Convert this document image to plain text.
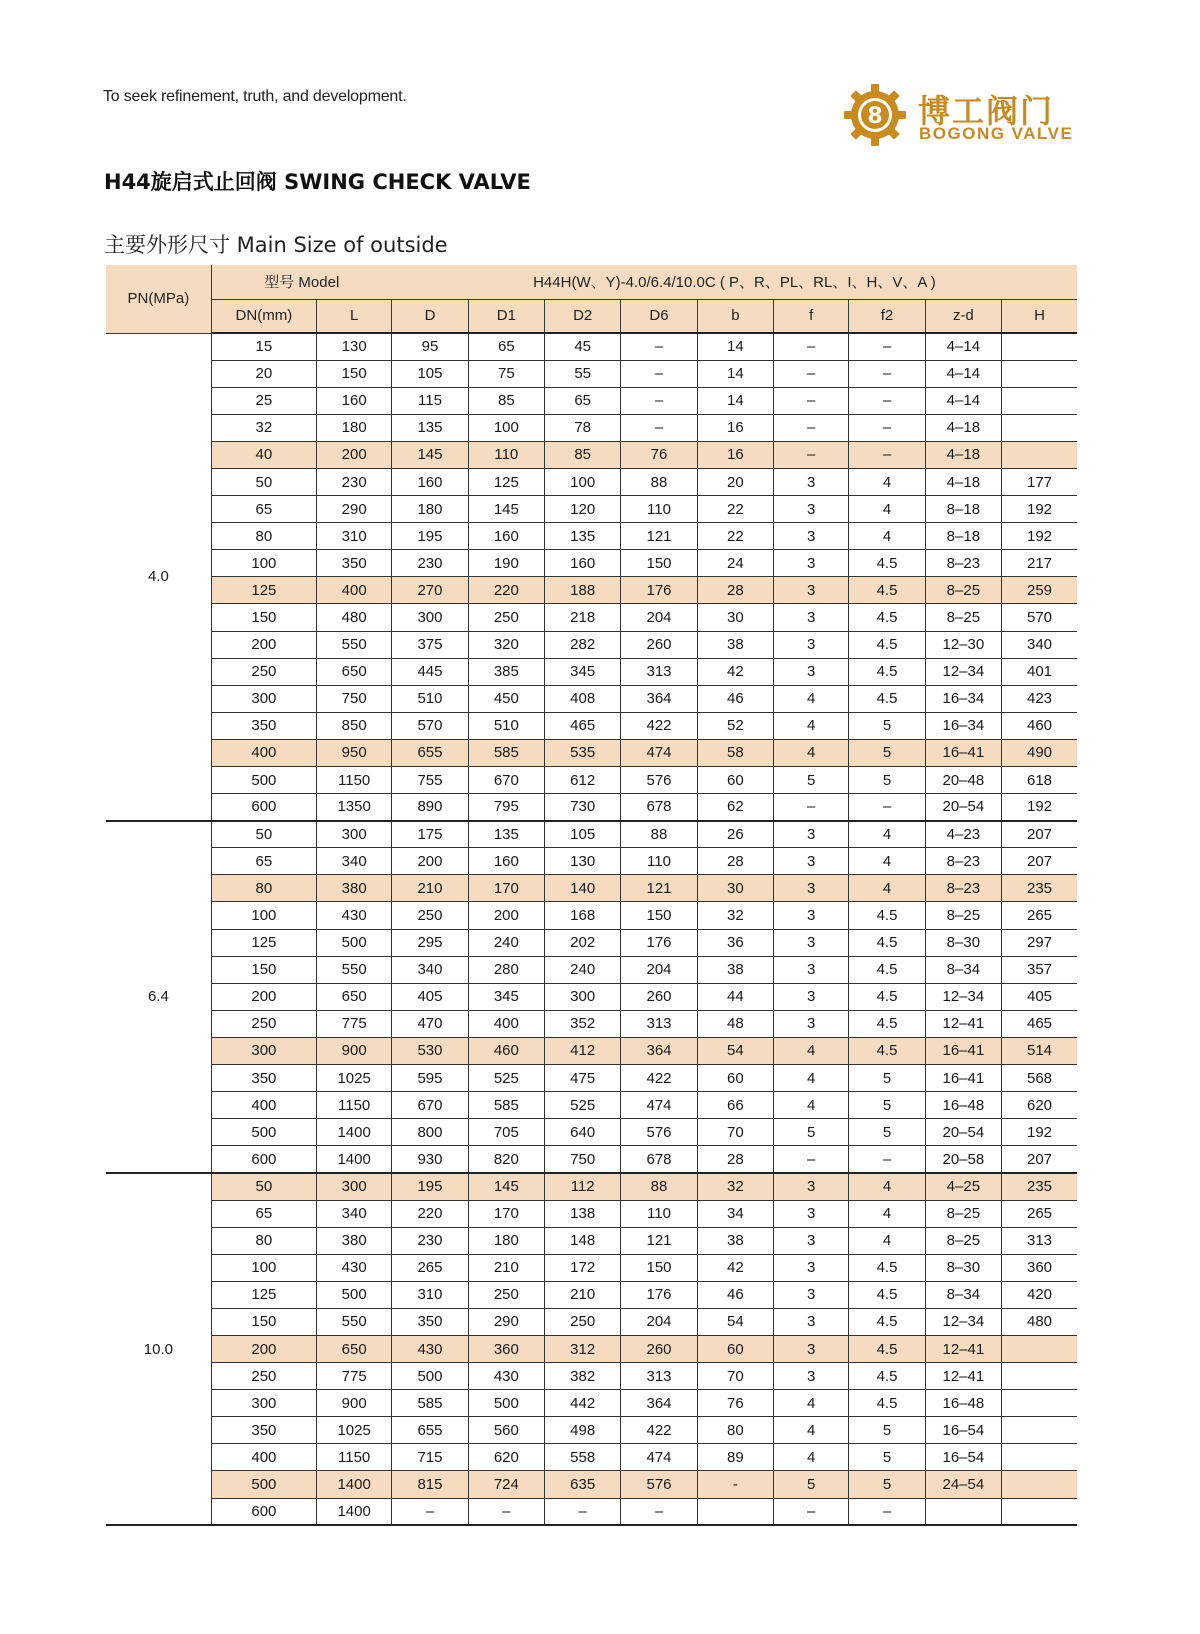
To seek refinement, truth, and development.
8 博工阀门
BOGONG VALVE
H44旋启式止回阀 SWING CHECK VALVE
主要外形尺寸 Main Size of outside
PN(MPa)	型号 Model		H44H(W、Y)-4.0/6.4/10.0C ( P、R、PL、RL、I、H、V、A )								
	DN(mm)	L	D	D1	D2	D6	b	f	f2	z-d	H
4.0	15	130	95	65	45	–	14	–	–	4–14	
	20	150	105	75	55	–	14	–	–	4–14	
	25	160	115	85	65	–	14	–	–	4–14	
	32	180	135	100	78	–	16	–	–	4–18	
	40	200	145	110	85	76	16	–	–	4–18	
	50	230	160	125	100	88	20	3	4	4–18	177
	65	290	180	145	120	110	22	3	4	8–18	192
	80	310	195	160	135	121	22	3	4	8–18	192
	100	350	230	190	160	150	24	3	4.5	8–23	217
	125	400	270	220	188	176	28	3	4.5	8–25	259
	150	480	300	250	218	204	30	3	4.5	8–25	570
	200	550	375	320	282	260	38	3	4.5	12–30	340
	250	650	445	385	345	313	42	3	4.5	12–34	401
	300	750	510	450	408	364	46	4	4.5	16–34	423
	350	850	570	510	465	422	52	4	5	16–34	460
	400	950	655	585	535	474	58	4	5	16–41	490
	500	1150	755	670	612	576	60	5	5	20–48	618
	600	1350	890	795	730	678	62	–	–	20–54	192
6.4	50	300	175	135	105	88	26	3	4	4–23	207
	65	340	200	160	130	110	28	3	4	8–23	207
	80	380	210	170	140	121	30	3	4	8–23	235
	100	430	250	200	168	150	32	3	4.5	8–25	265
	125	500	295	240	202	176	36	3	4.5	8–30	297
	150	550	340	280	240	204	38	3	4.5	8–34	357
	200	650	405	345	300	260	44	3	4.5	12–34	405
	250	775	470	400	352	313	48	3	4.5	12–41	465
	300	900	530	460	412	364	54	4	4.5	16–41	514
	350	1025	595	525	475	422	60	4	5	16–41	568
	400	1150	670	585	525	474	66	4	5	16–48	620
	500	1400	800	705	640	576	70	5	5	20–54	192
	600	1400	930	820	750	678	28	–	–	20–58	207
10.0	50	300	195	145	112	88	32	3	4	4–25	235
	65	340	220	170	138	110	34	3	4	8–25	265
	80	380	230	180	148	121	38	3	4	8–25	313
	100	430	265	210	172	150	42	3	4.5	8–30	360
	125	500	310	250	210	176	46	3	4.5	8–34	420
	150	550	350	290	250	204	54	3	4.5	12–34	480
	200	650	430	360	312	260	60	3	4.5	12–41	
	250	775	500	430	382	313	70	3	4.5	12–41	
	300	900	585	500	442	364	76	4	4.5	16–48	
	350	1025	655	560	498	422	80	4	5	16–54	
	400	1150	715	620	558	474	89	4	5	16–54	
	500	1400	815	724	635	576	-	5	5	24–54	
	600	1400	–	–	–	–		–	–		
